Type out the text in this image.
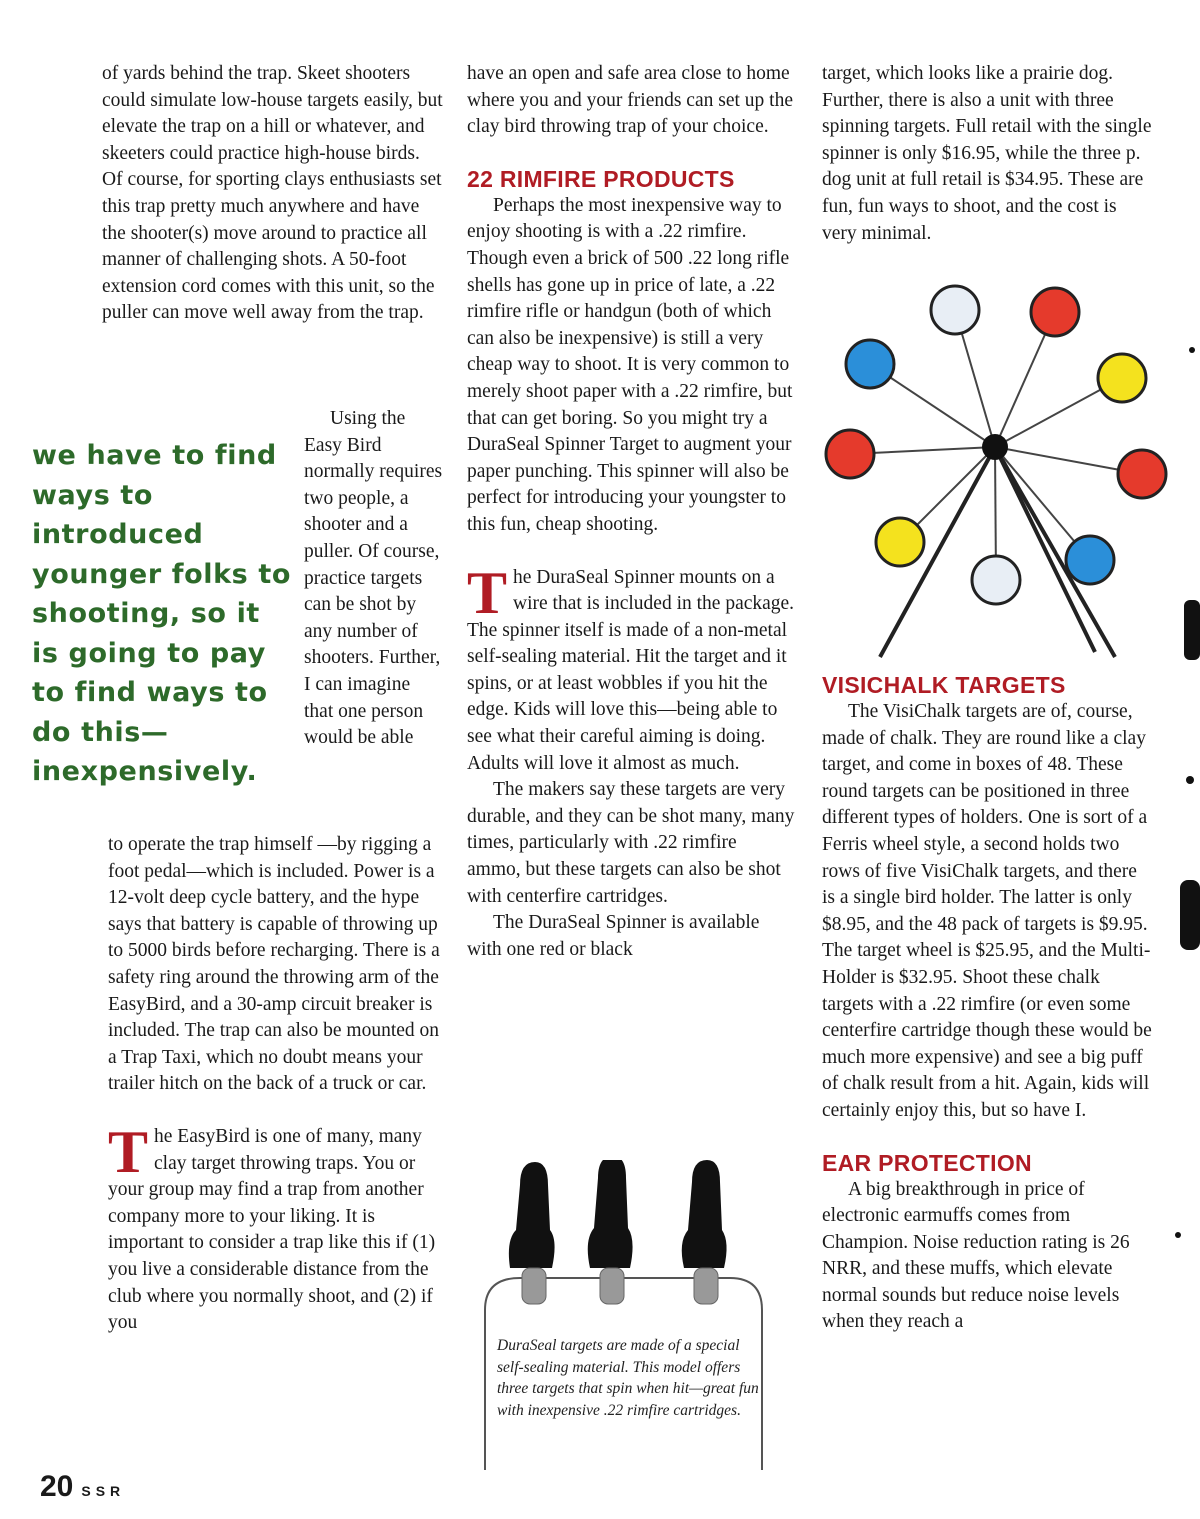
of yards behind the trap. Skeet shooters could simulate low-house targets easily, but elevate the trap on a hill or whatever, and skeeters could practice high-house birds. Of course, for sporting clays enthusiasts set this trap pretty much anywhere and have the shooter(s) move around to practice all manner of challenging shots. A 50-foot extension cord comes with this unit, so the puller can move well away from the trap.

we have to find ways to introduced younger folks to shooting, so it is going to pay to find ways to do this—inexpensively.

Using the Easy Bird normally requires two people, a shooter and a puller. Of course, practice targets can be shot by any number of shooters. Further, I can imagine that one person would be able

to operate the trap himself —by rigging a foot pedal—which is included. Power is a 12-volt deep cycle battery, and the hype says that battery is capable of throwing up to 5000 birds before recharging. There is a safety ring around the throwing arm of the EasyBird, and a 30-amp circuit breaker is included. The trap can also be mounted on a Trap Taxi, which no doubt means your trailer hitch on the back of a truck or car.

The EasyBird is one of many, many clay target throwing traps. You or your group may find a trap from another company more to your liking. It is important to consider a trap like this if (1) you live a considerable distance from the club where you normally shoot, and (2) if you

have an open and safe area close to home where you and your friends can set up the clay bird throwing trap of your choice.

22 RIMFIRE PRODUCTS

Perhaps the most inexpensive way to enjoy shooting is with a .22 rimfire. Though even a brick of 500 .22 long rifle shells has gone up in price of late, a .22 rimfire rifle or handgun (both of which can also be inexpensive) is still a very cheap way to shoot. It is very common to merely shoot paper with a .22 rimfire, but that can get boring. So you might try a DuraSeal Spinner Target to augment your paper punching. This spinner will also be perfect for introducing your youngster to this fun, cheap shooting.

The DuraSeal Spinner mounts on a wire that is included in the package. The spinner itself is made of a non-metal self-sealing material. Hit the target and it spins, or at least wobbles if you hit the edge. Kids will love this—being able to see what their careful aiming is doing. Adults will love it almost as much.

The makers say these targets are very durable, and they can be shot many, many times, particularly with .22 rimfire ammo, but these targets can also be shot with centerfire cartridges.

The DuraSeal Spinner is available with one red or black

DuraSeal targets are made of a special self-sealing material. This model offers three targets that spin when hit—great fun with inexpensive .22 rimfire cartridges.

target, which looks like a prairie dog. Further, there is also a unit with three spinning targets. Full retail with the single spinner is only $16.95, while the three p. dog unit at full retail is $34.95. These are fun, fun ways to shoot, and the cost is very minimal.

VISICHALK TARGETS

The VisiChalk targets are of, course, made of chalk. They are round like a clay target, and come in boxes of 48. These round targets can be positioned in three different types of holders. One is sort of a Ferris wheel style, a second holds two rows of five VisiChalk targets, and there is a single bird holder. The latter is only $8.95, and the 48 pack of targets is $9.95. The target wheel is $25.95, and the Multi-Holder is $32.95. Shoot these chalk targets with a .22 rimfire (or even some centerfire cartridge though these would be much more expensive) and see a big puff of chalk result from a hit. Again, kids will certainly enjoy this, but so have I.

EAR PROTECTION

A big breakthrough in price of electronic earmuffs comes from Champion. Noise reduction rating is 26 NRR, and these muffs, which elevate normal sounds but reduce noise levels when they reach a

20 SSR
